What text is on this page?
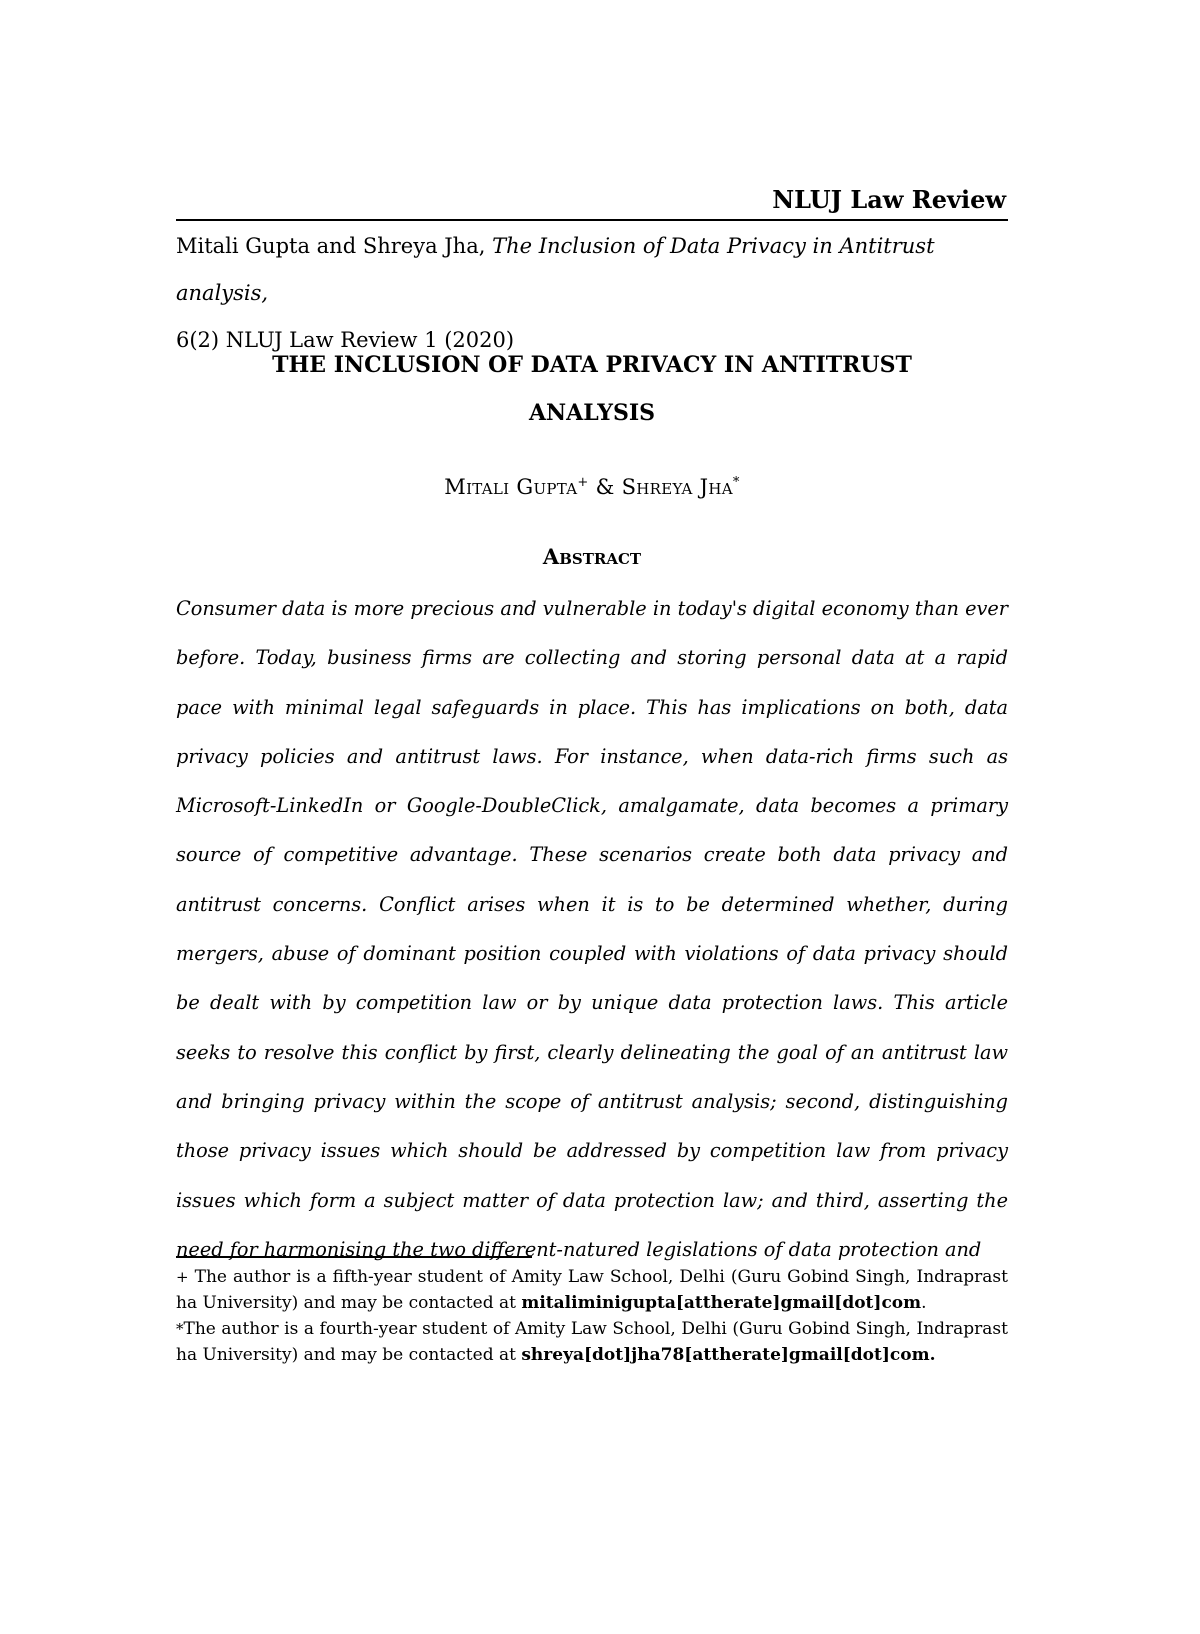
NLUJ Law Review
Mitali Gupta and Shreya Jha, The Inclusion of Data Privacy in Antitrust analysis,
6(2) NLUJ Law Review 1 (2020)
THE INCLUSION OF DATA PRIVACY IN ANTITRUST
ANALYSIS
Mitali Gupta+ & Shreya Jha*
Abstract

Consumer data is more precious and vulnerable in today's digital economy than ever before. Today, business firms are collecting and storing personal data at a rapid pace with minimal legal safeguards in place. This has implications on both, data privacy policies and antitrust laws. For instance, when data-rich firms such as Microsoft-LinkedIn or Google-DoubleClick, amalgamate, data becomes a primary source of competitive advantage. These scenarios create both data privacy and antitrust concerns. Conflict arises when it is to be determined whether, during mergers, abuse of dominant position coupled with violations of data privacy should be dealt with by competition law or by unique data protection laws. This article seeks to resolve this conflict by first, clearly delineating the goal of an antitrust law and bringing privacy within the scope of antitrust analysis; second, distinguishing those privacy issues which should be addressed by competition law from privacy issues which form a subject matter of data protection law; and third, asserting the need for harmonising the two different-natured legislations of data protection and

+ The author is a fifth-year student of Amity Law School, Delhi (Guru Gobind Singh, Indraprastha University) and may be contacted at mitaliminigupta[attherate]gmail[dot]com.

*The author is a fourth-year student of Amity Law School, Delhi (Guru Gobind Singh, Indraprastha University) and may be contacted at shreya[dot]jha78[attherate]gmail[dot]com.
